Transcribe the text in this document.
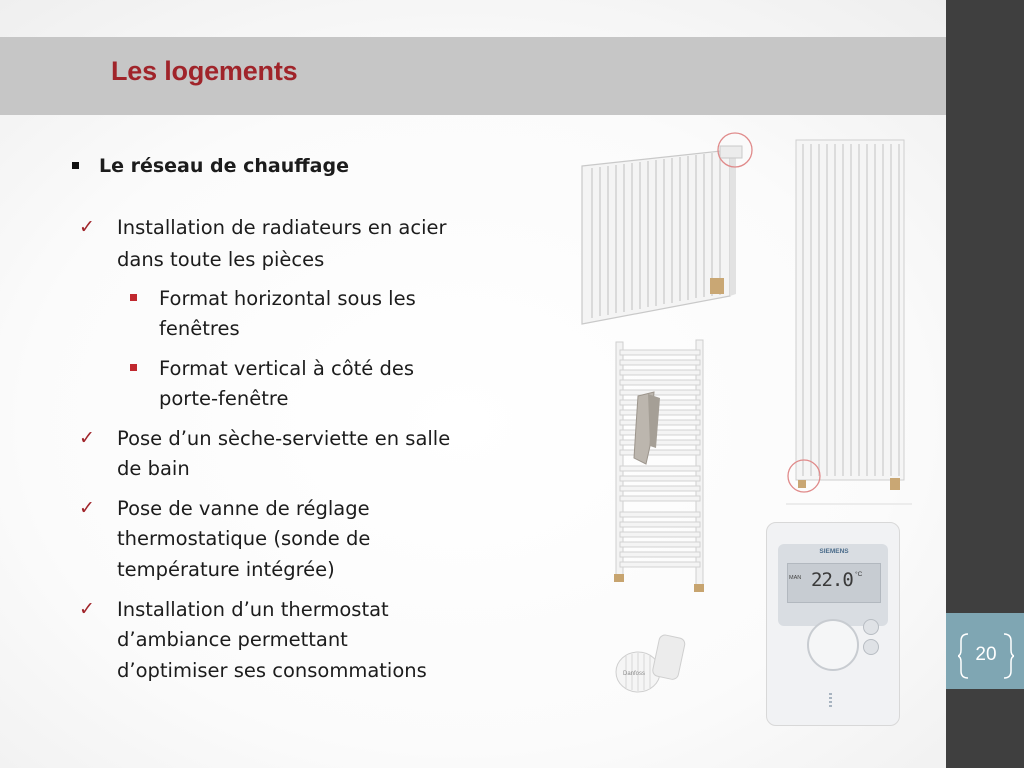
Les logements
Le réseau de chauffage
✓ Installation de radiateurs en acier
dans toute les pièces
Format horizontal sous les
fenêtres
Format vertical à côté des
porte-fenêtre
✓ Pose d’un sèche-serviette en salle
de bain
✓ Pose de vanne de réglage
thermostatique (sonde de
température intégrée)
✓ Installation d’un thermostat
d’ambiance permettant
d’optimiser ses consommations	Danfoss
SIEMENS
MAN 22.0 °C
20
